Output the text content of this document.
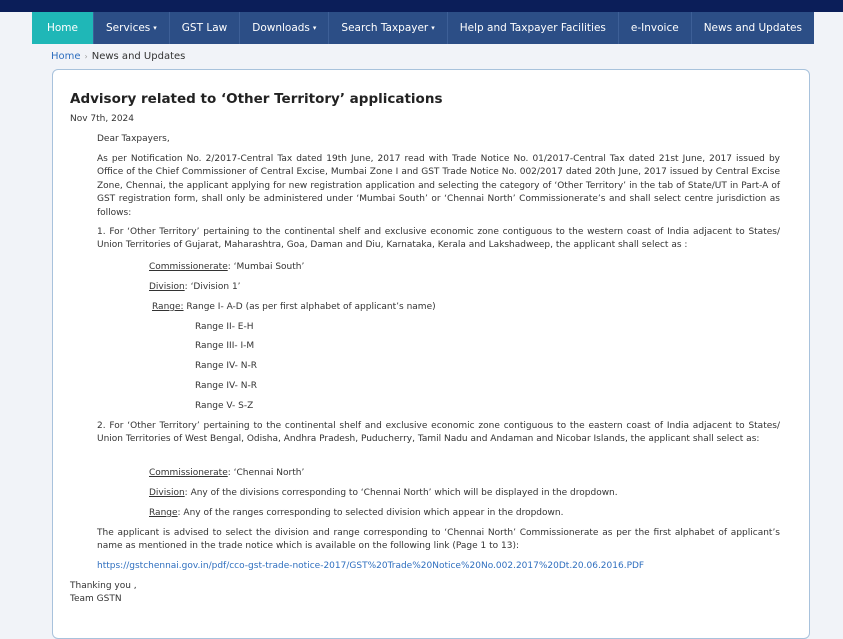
Home	Services ▾	GST Law	Downloads ▾	Search Taxpayer ▾	Help and Taxpayer Facilities	e-Invoice	News and Updates
Home › News and Updates
Advisory related to ‘Other Territory’ applications
Nov 7th, 2024

Dear Taxpayers,

As per Notification No. 2/2017-Central Tax dated 19th June, 2017 read with Trade Notice No. 01/2017-Central Tax dated 21st June, 2017 issued by Office of the Chief Commissioner of Central Excise, Mumbai Zone I and GST Trade Notice No. 002/2017 dated 20th June, 2017 issued by Central Excise Zone, Chennai, the applicant applying for new registration application and selecting the category of ‘Other Territory’ in the tab of State/UT in Part-A of GST registration form, shall only be administered under ‘Mumbai South’ or ‘Chennai North’ Commissionerate’s and shall select centre jurisdiction as follows:

1. For ‘Other Territory’ pertaining to the continental shelf and exclusive economic zone contiguous to the western coast of India adjacent to States/ Union Territories of Gujarat, Maharashtra, Goa, Daman and Diu, Karnataka, Kerala and Lakshadweep, the applicant shall select as :

Commissionerate: ‘Mumbai South’

Division: ‘Division 1’

Range: Range I- A-D (as per first alphabet of applicant’s name)

Range II- E-H

Range III- I-M

Range IV- N-R

Range IV- N-R

Range V- S-Z

2. For ‘Other Territory’ pertaining to the continental shelf and exclusive economic zone contiguous to the eastern coast of India adjacent to States/ Union Territories of West Bengal, Odisha, Andhra Pradesh, Puducherry, Tamil Nadu and Andaman and Nicobar Islands, the applicant shall select as:

Commissionerate: ‘Chennai North’

Division: Any of the divisions corresponding to ‘Chennai North’ which will be displayed in the dropdown.

Range: Any of the ranges corresponding to selected division which appear in the dropdown.

The applicant is advised to select the division and range corresponding to ‘Chennai North’ Commissionerate as per the first alphabet of applicant’s name as mentioned in the trade notice which is available on the following link (Page 1 to 13):

https://gstchennai.gov.in/pdf/cco-gst-trade-notice-2017/GST%20Trade%20Notice%20No.002.2017%20Dt.20.06.2016.PDF

Thanking you ,

Team GSTN
